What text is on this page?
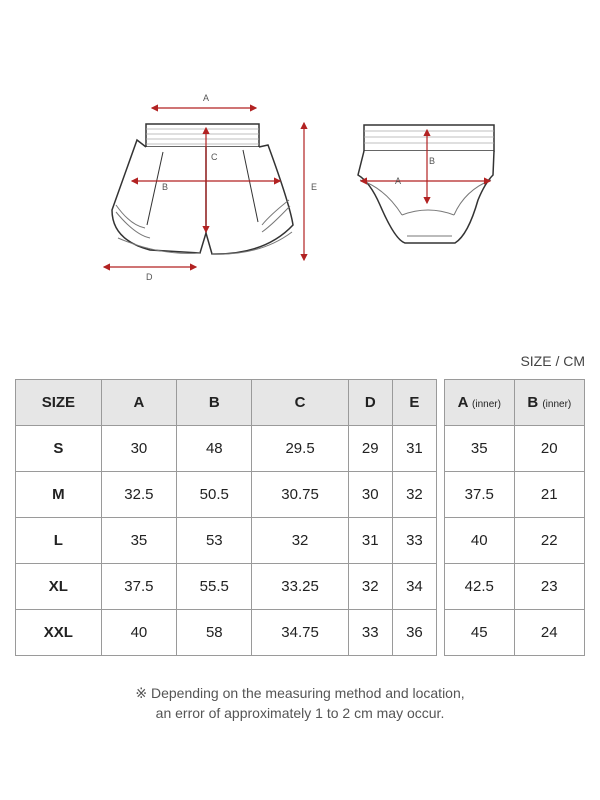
A
C
B
D
E
B
A
SIZE / CM
SIZE	A	B	C	D	E
S	30	48	29.5	29	31
M	32.5	50.5	30.75	30	32
L	35	53	32	31	33
XL	37.5	55.5	33.25	32	34
XXL	40	58	34.75	33	36
A (inner)	B (inner)
35	20
37.5	21
40	22
42.5	23
45	24
※ Depending on the measuring method and location,
an error of approximately 1 to 2 cm may occur.
